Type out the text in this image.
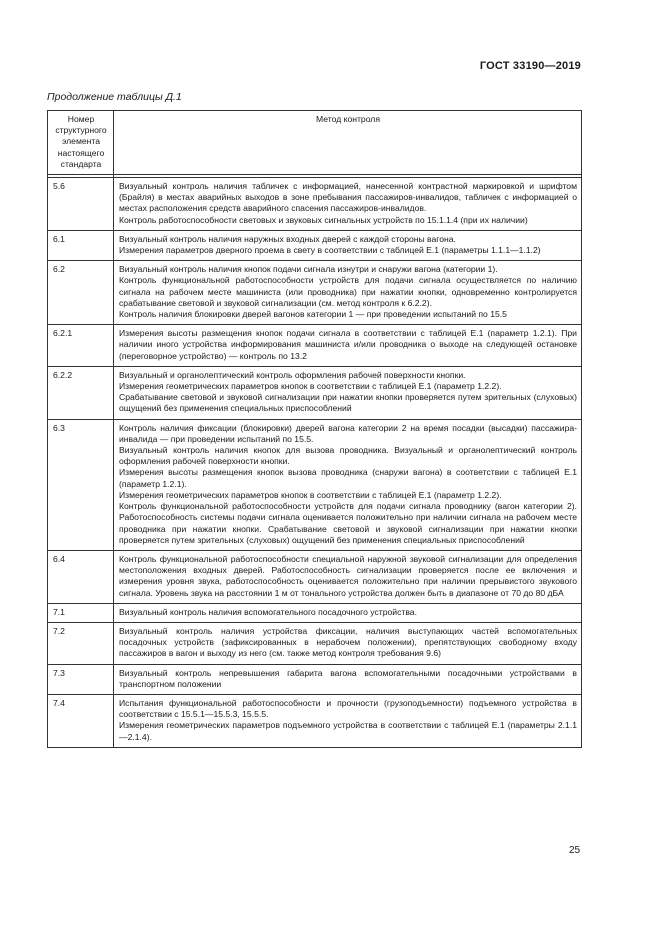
ГОСТ 33190—2019
Продолжение таблицы Д.1
Номер структурного элемента настоящего стандарта	Метод контроля

5.6	Визуальный контроль наличия табличек с информацией, нанесенной контрастной маркировкой и шрифтом (Брайля) в местах аварийных выходов в зоне пребывания пассажиров-инвалидов, табличек с информацией о местах расположения средств аварийного спасения пассажиров-инвалидов.
Контроль работоспособности световых и звуковых сигнальных устройств по 15.1.1.4 (при их наличии)

6.1	Визуальный контроль наличия наружных входных дверей с каждой стороны вагона.
Измерения параметров дверного проема в свету в соответствии с таблицей Е.1 (параметры 1.1.1—1.1.2)

6.2	Визуальный контроль наличия кнопок подачи сигнала изнутри и снаружи вагона (категории 1).
Контроль функциональной работоспособности устройств для подачи сигнала осуществляется по наличию сигнала на рабочем месте машиниста (или проводника) при нажатии кнопки, одновременно контролируется срабатывание световой и звуковой сигнализации (см. метод контроля к 6.2.2).
Контроль наличия блокировки дверей вагонов категории 1 — при проведении испытаний по 15.5

6.2.1	Измерения высоты размещения кнопок подачи сигнала в соответствии с таблицей Е.1 (параметр 1.2.1). При наличии иного устройства информирования машиниста и/или проводника о выходе на следующей остановке (переговорное устройство) — контроль по 13.2

6.2.2	Визуальный и органолептический контроль оформления рабочей поверхности кнопки.
Измерения геометрических параметров кнопок в соответствии с таблицей Е.1 (параметр 1.2.2).
Срабатывание световой и звуковой сигнализации при нажатии кнопки проверяется путем зрительных (слуховых) ощущений без применения специальных приспособлений

6.3	Контроль наличия фиксации (блокировки) дверей вагона категории 2 на время посадки (высадки) пассажира-инвалида — при проведении испытаний по 15.5.
Визуальный контроль наличия кнопок для вызова проводника. Визуальный и органолептический контроль оформления рабочей поверхности кнопки.
Измерения высоты размещения кнопок вызова проводника (снаружи вагона) в соответствии с таблицей Е.1 (параметр 1.2.1).
Измерения геометрических параметров кнопок в соответствии с таблицей Е.1 (параметр 1.2.2).
Контроль функциональной работоспособности устройств для подачи сигнала проводнику (вагон категории 2). Работоспособность системы подачи сигнала оценивается положительно при наличии сигнала на рабочем месте проводника при нажатии кнопки. Срабатывание световой и звуковой сигнализации при нажатии кнопки проверяется путем зрительных (слуховых) ощущений без применения специальных приспособлений

6.4	Контроль функциональной работоспособности специальной наружной звуковой сигнализации для определения местоположения входных дверей. Работоспособность сигнализации проверяется после ее включения и измерения уровня звука, работоспособность оценивается положительно при наличии прерывистого звукового сигнала. Уровень звука на расстоянии 1 м от тонального устройства должен быть в диапазоне от 70 до 80 дБА

7.1	Визуальный контроль наличия вспомогательного посадочного устройства.

7.2	Визуальный контроль наличия устройства фиксации, наличия выступающих частей вспомогательных посадочных устройств (зафиксированных в нерабочем положении), препятствующих свободному входу пассажиров в вагон и выходу из него (см. также метод контроля требования 9.6)

7.3	Визуальный контроль непревышения габарита вагона вспомогательными посадочными устройствами в транспортном положении

7.4	Испытания функциональной работоспособности и прочности (грузоподъемности) подъемного устройства в соответствии с 15.5.1—15.5.3, 15.5.5.
Измерения геометрических параметров подъемного устройства в соответствии с таблицей Е.1 (параметры 2.1.1—2.1.4).
25
